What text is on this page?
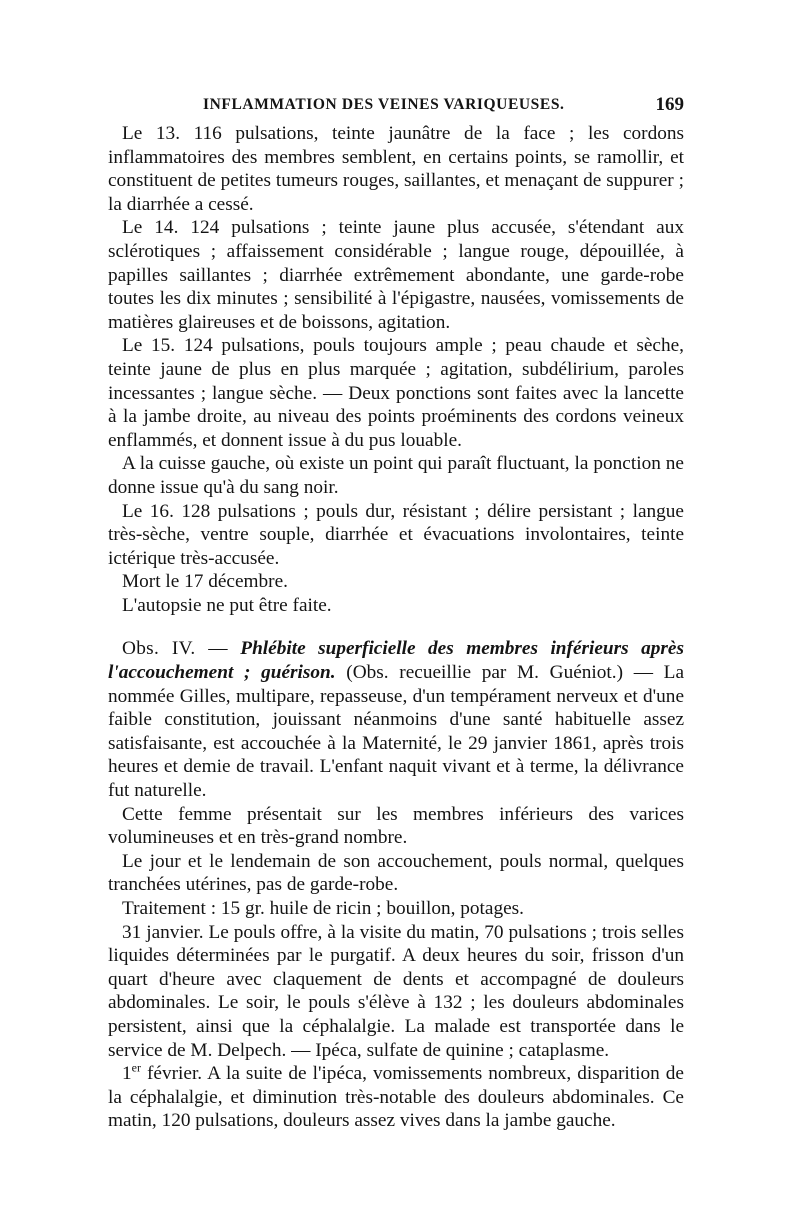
INFLAMMATION DES VEINES VARIQUEUSES.	169

Le 13. 116 pulsations, teinte jaunâtre de la face ; les cordons inflammatoires des membres semblent, en certains points, se ramollir, et constituent de petites tumeurs rouges, saillantes, et menaçant de suppurer ; la diarrhée a cessé.

Le 14. 124 pulsations ; teinte jaune plus accusée, s'étendant aux sclérotiques ; affaissement considérable ; langue rouge, dépouillée, à papilles saillantes ; diarrhée extrêmement abondante, une garde-robe toutes les dix minutes ; sensibilité à l'épigastre, nausées, vomissements de matières glaireuses et de boissons, agitation.

Le 15. 124 pulsations, pouls toujours ample ; peau chaude et sèche, teinte jaune de plus en plus marquée ; agitation, subdélirium, paroles incessantes ; langue sèche. — Deux ponctions sont faites avec la lancette à la jambe droite, au niveau des points proéminents des cordons veineux enflammés, et donnent issue à du pus louable.

A la cuisse gauche, où existe un point qui paraît fluctuant, la ponction ne donne issue qu'à du sang noir.

Le 16. 128 pulsations ; pouls dur, résistant ; délire persistant ; langue très-sèche, ventre souple, diarrhée et évacuations involontaires, teinte ictérique très-accusée.

Mort le 17 décembre.

L'autopsie ne put être faite.

Obs. IV. — Phlébite superficielle des membres inférieurs après l'accouchement ; guérison. (Obs. recueillie par M. Guéniot.) — La nommée Gilles, multipare, repasseuse, d'un tempérament nerveux et d'une faible constitution, jouissant néanmoins d'une santé habituelle assez satisfaisante, est accouchée à la Maternité, le 29 janvier 1861, après trois heures et demie de travail. L'enfant naquit vivant et à terme, la délivrance fut naturelle.

Cette femme présentait sur les membres inférieurs des varices volumineuses et en très-grand nombre.

Le jour et le lendemain de son accouchement, pouls normal, quelques tranchées utérines, pas de garde-robe.

Traitement : 15 gr. huile de ricin ; bouillon, potages.

31 janvier. Le pouls offre, à la visite du matin, 70 pulsations ; trois selles liquides déterminées par le purgatif. A deux heures du soir, frisson d'un quart d'heure avec claquement de dents et accompagné de douleurs abdominales. Le soir, le pouls s'élève à 132 ; les douleurs abdominales persistent, ainsi que la céphalalgie. La malade est transportée dans le service de M. Delpech. — Ipéca, sulfate de quinine ; cataplasme.

1er février. A la suite de l'ipéca, vomissements nombreux, disparition de la céphalalgie, et diminution très-notable des douleurs abdominales. Ce matin, 120 pulsations, douleurs assez vives dans la jambe gauche.
